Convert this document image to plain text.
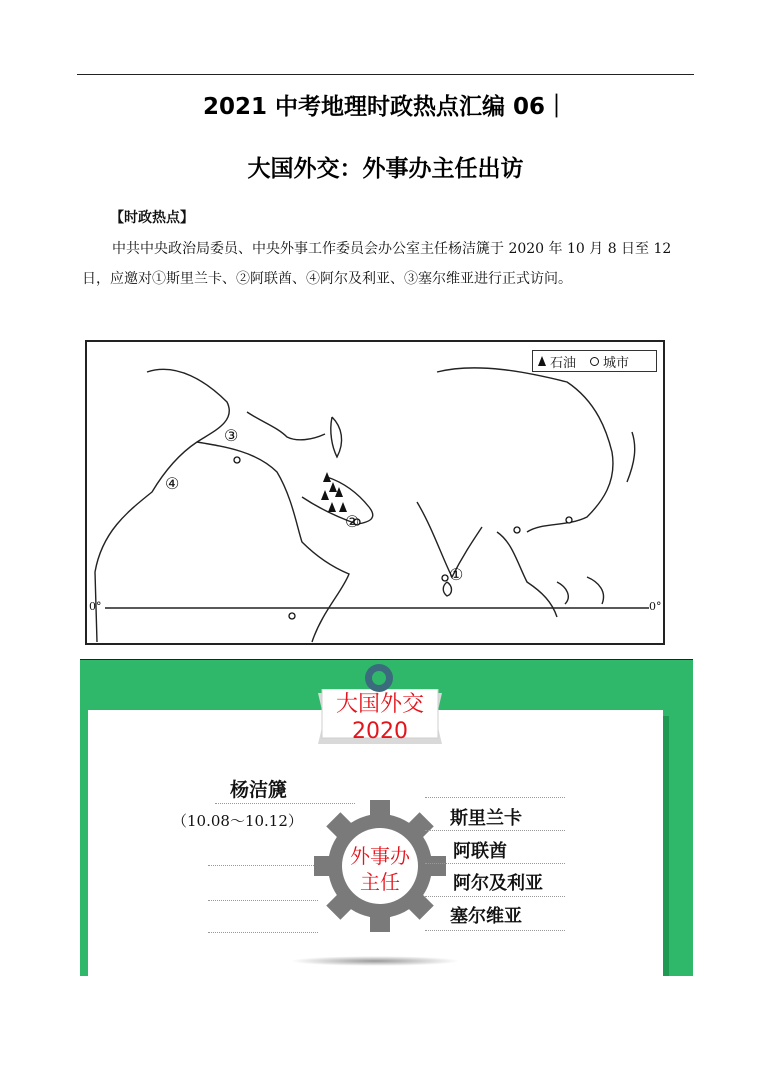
2021 中考地理时政热点汇编 06｜
大国外交：外事办主任出访
【时政热点】
中共中央政治局委员、中央外事工作委员会办公室主任杨洁篪于 2020 年 10 月 8 日至 12 日，应邀对①斯里兰卡、②阿联酋、④阿尔及利亚、③塞尔维亚进行正式访问。
石油 城市
①
②
③
④
0°	0°
大国外交
2020
杨洁篪
（10.08～10.12）
外事办
主任
斯里兰卡
阿联酋
阿尔及利亚
塞尔维亚
